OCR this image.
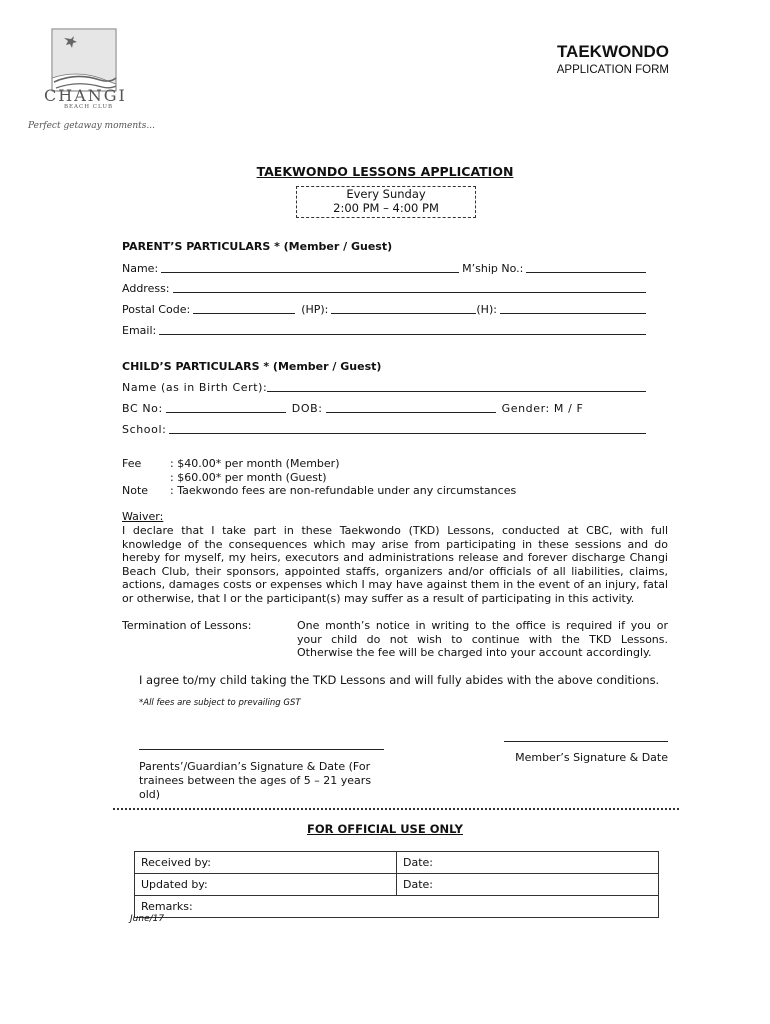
CHANGI
BEACH CLUB
Perfect getaway moments...
TAEKWONDO
APPLICATION FORM
TAEKWONDO LESSONS APPLICATION
Every Sunday
2:00 PM – 4:00 PM
PARENT’S PARTICULARS * (Member / Guest)
Name:	M’ship No.:
Address:
Postal Code:	(HP):	(H):
Email:
CHILD’S PARTICULARS * (Member / Guest)
Name (as in Birth Cert):
BC No:	DOB:	Gender: M / F
School:
Fee	: $40.00* per month (Member)
: $60.00* per month (Guest)
Note : Taekwondo fees are non-refundable under any circumstances
Waiver:
I declare that I take part in these Taekwondo (TKD) Lessons, conducted at CBC, with full knowledge of the consequences which may arise from participating in these sessions and do hereby for myself, my heirs, executors and administrations release and forever discharge Changi Beach Club, their sponsors, appointed staffs, organizers and/or officials of all liabilities, claims, actions, damages costs or expenses which I may have against them in the event of an injury, fatal or otherwise, that I or the participant(s) may suffer as a result of participating in this activity.
Termination of Lessons:	One month’s notice in writing to the office is required if you or your child do not wish to continue with the TKD Lessons. Otherwise the fee will be charged into your account accordingly.
I agree to/my child taking the TKD Lessons and will fully abides with the above conditions.
*All fees are subject to prevailing GST
Parents’/Guardian’s Signature & Date (For trainees between the ages of 5 – 21 years old)
Member’s Signature & Date
FOR OFFICIAL USE ONLY
Received by:	Date:
Updated by:	Date:
Remarks:	
June/17
